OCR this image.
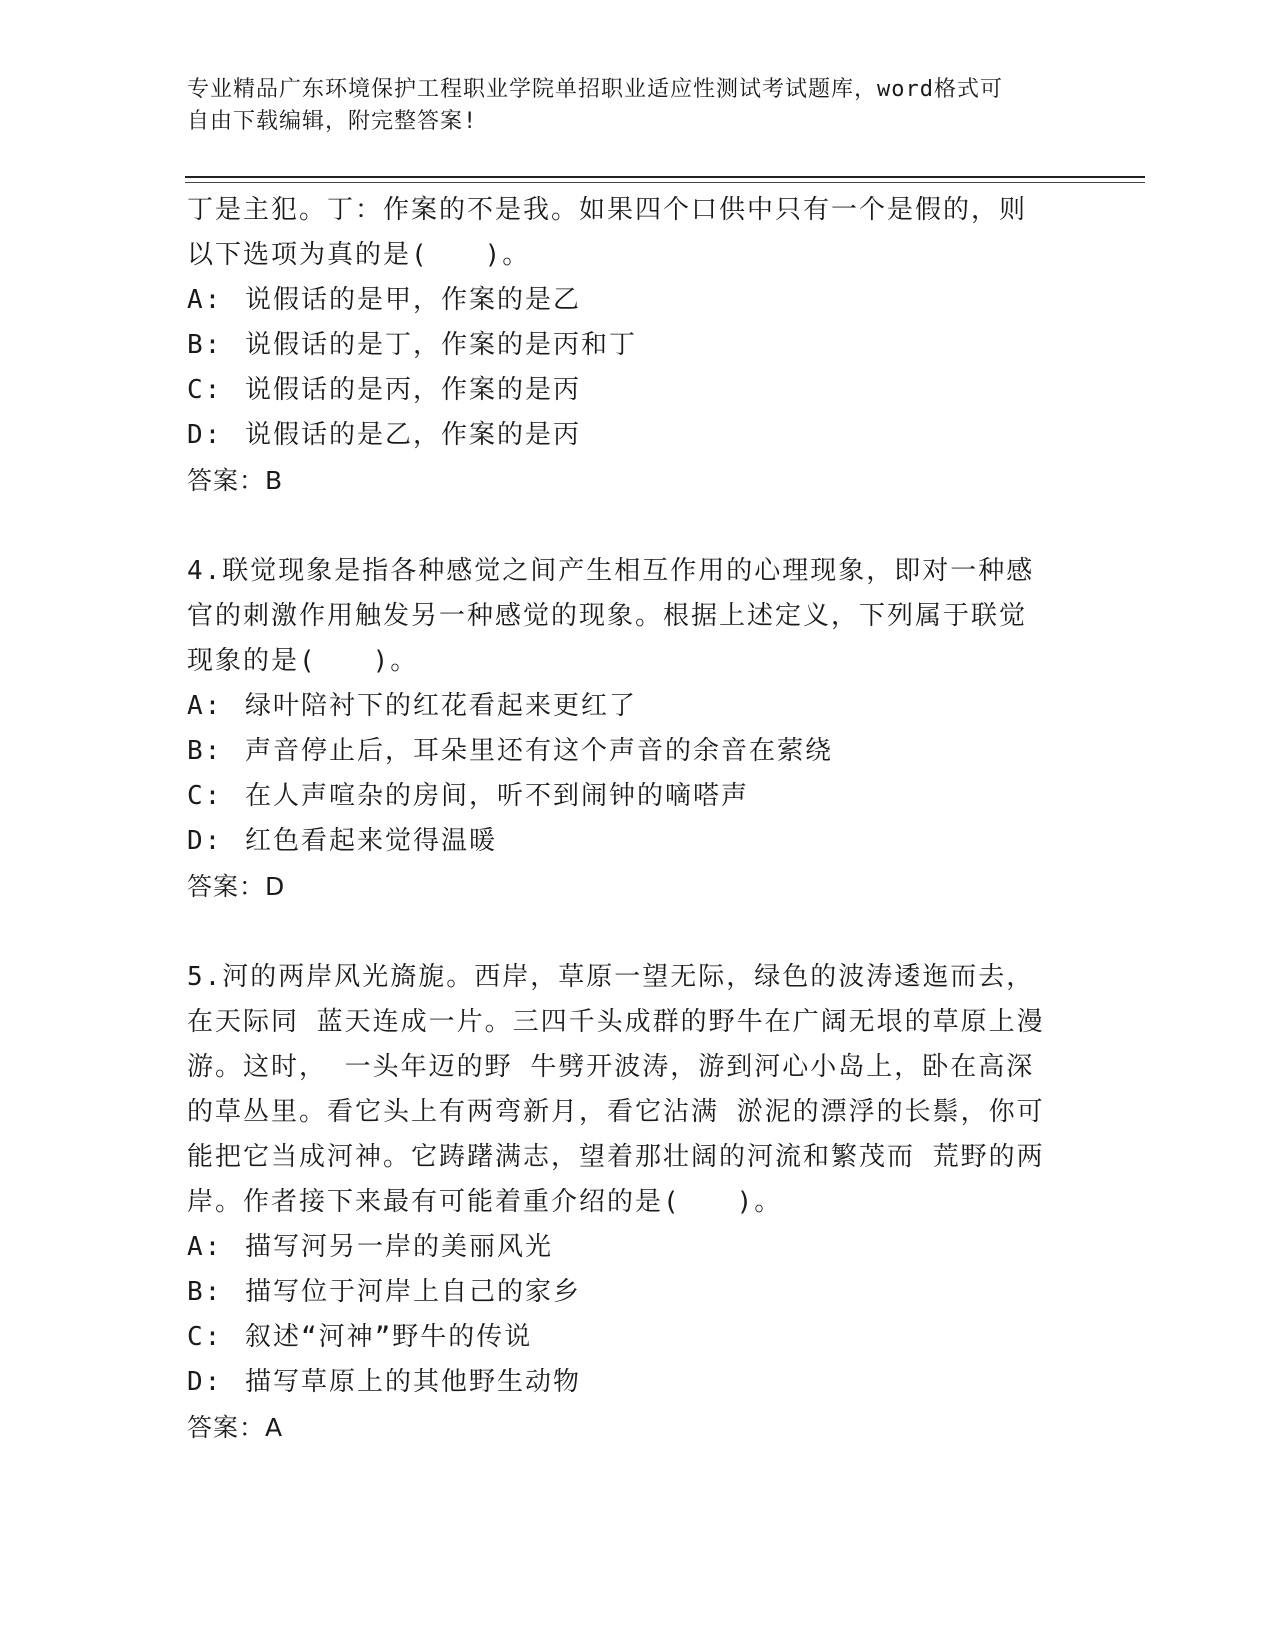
专业精品广东环境保护工程职业学院单招职业适应性测试考试题库，word格式可
自由下载编辑，附完整答案!
丁是主犯。丁：作案的不是我。如果四个口供中只有一个是假的，则
以下选项为真的是(　　)。
A: 说假话的是甲，作案的是乙
B: 说假话的是丁，作案的是丙和丁
C: 说假话的是丙，作案的是丙
D: 说假话的是乙，作案的是丙
答案：B
4.联觉现象是指各种感觉之间产生相互作用的心理现象，即对一种感
官的刺激作用触发另一种感觉的现象。根据上述定义，下列属于联觉
现象的是(　　)。
A: 绿叶陪衬下的红花看起来更红了
B: 声音停止后，耳朵里还有这个声音的余音在萦绕
C: 在人声喧杂的房间，听不到闹钟的嘀嗒声
D: 红色看起来觉得温暖
答案：D
5.河的两岸风光旖旎。西岸，草原一望无际，绿色的波涛逶迤而去，
在天际同 蓝天连成一片。三四千头成群的野牛在广阔无垠的草原上漫
游。这时， 一头年迈的野 牛劈开波涛，游到河心小岛上，卧在高深
的草丛里。看它头上有两弯新月，看它沾满 淤泥的漂浮的长鬃，你可
能把它当成河神。它踌躇满志，望着那壮阔的河流和繁茂而 荒野的两
岸。作者接下来最有可能着重介绍的是(　　)。
A: 描写河另一岸的美丽风光
B: 描写位于河岸上自己的家乡
C: 叙述“河神”野牛的传说
D: 描写草原上的其他野生动物
答案：A
